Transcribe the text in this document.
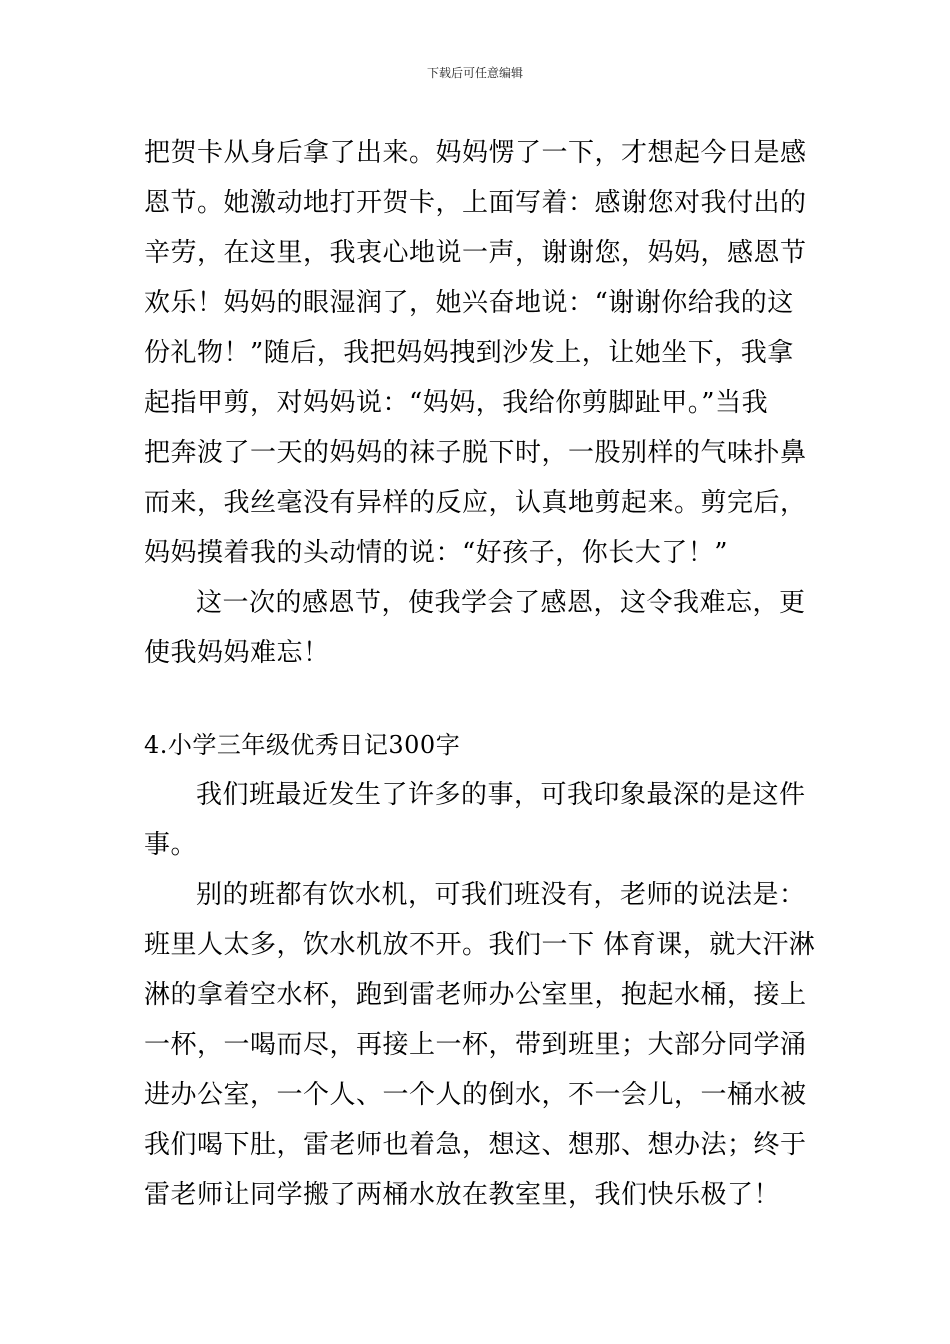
下载后可任意编辑
把贺卡从身后拿了出来。妈妈愣了一下，才想起今日是感
恩节。她激动地打开贺卡，上面写着：感谢您对我付出的
辛劳，在这里，我衷心地说一声，谢谢您，妈妈，感恩节
欢乐！妈妈的眼湿润了，她兴奋地说：“谢谢你给我的这
份礼物！”随后，我把妈妈拽到沙发上，让她坐下，我拿
起指甲剪，对妈妈说：“妈妈，我给你剪脚趾甲。”当我
把奔波了一天的妈妈的袜子脱下时，一股别样的气味扑鼻
而来，我丝毫没有异样的反应，认真地剪起来。剪完后，
妈妈摸着我的头动情的说：“好孩子，你长大了！”
这一次的感恩节，使我学会了感恩，这令我难忘，更
使我妈妈难忘！
4.小学三年级优秀日记300字
我们班最近发生了许多的事，可我印象最深的是这件
事。
别的班都有饮水机，可我们班没有，老师的说法是：
班里人太多，饮水机放不开。我们一下 体育课，就大汗淋
淋的拿着空水杯，跑到雷老师办公室里，抱起水桶，接上
一杯，一喝而尽，再接上一杯，带到班里；大部分同学涌
进办公室，一个人、一个人的倒水，不一会儿，一桶水被
我们喝下肚，雷老师也着急，想这、想那、想办法；终于
雷老师让同学搬了两桶水放在教室里，我们快乐极了！
